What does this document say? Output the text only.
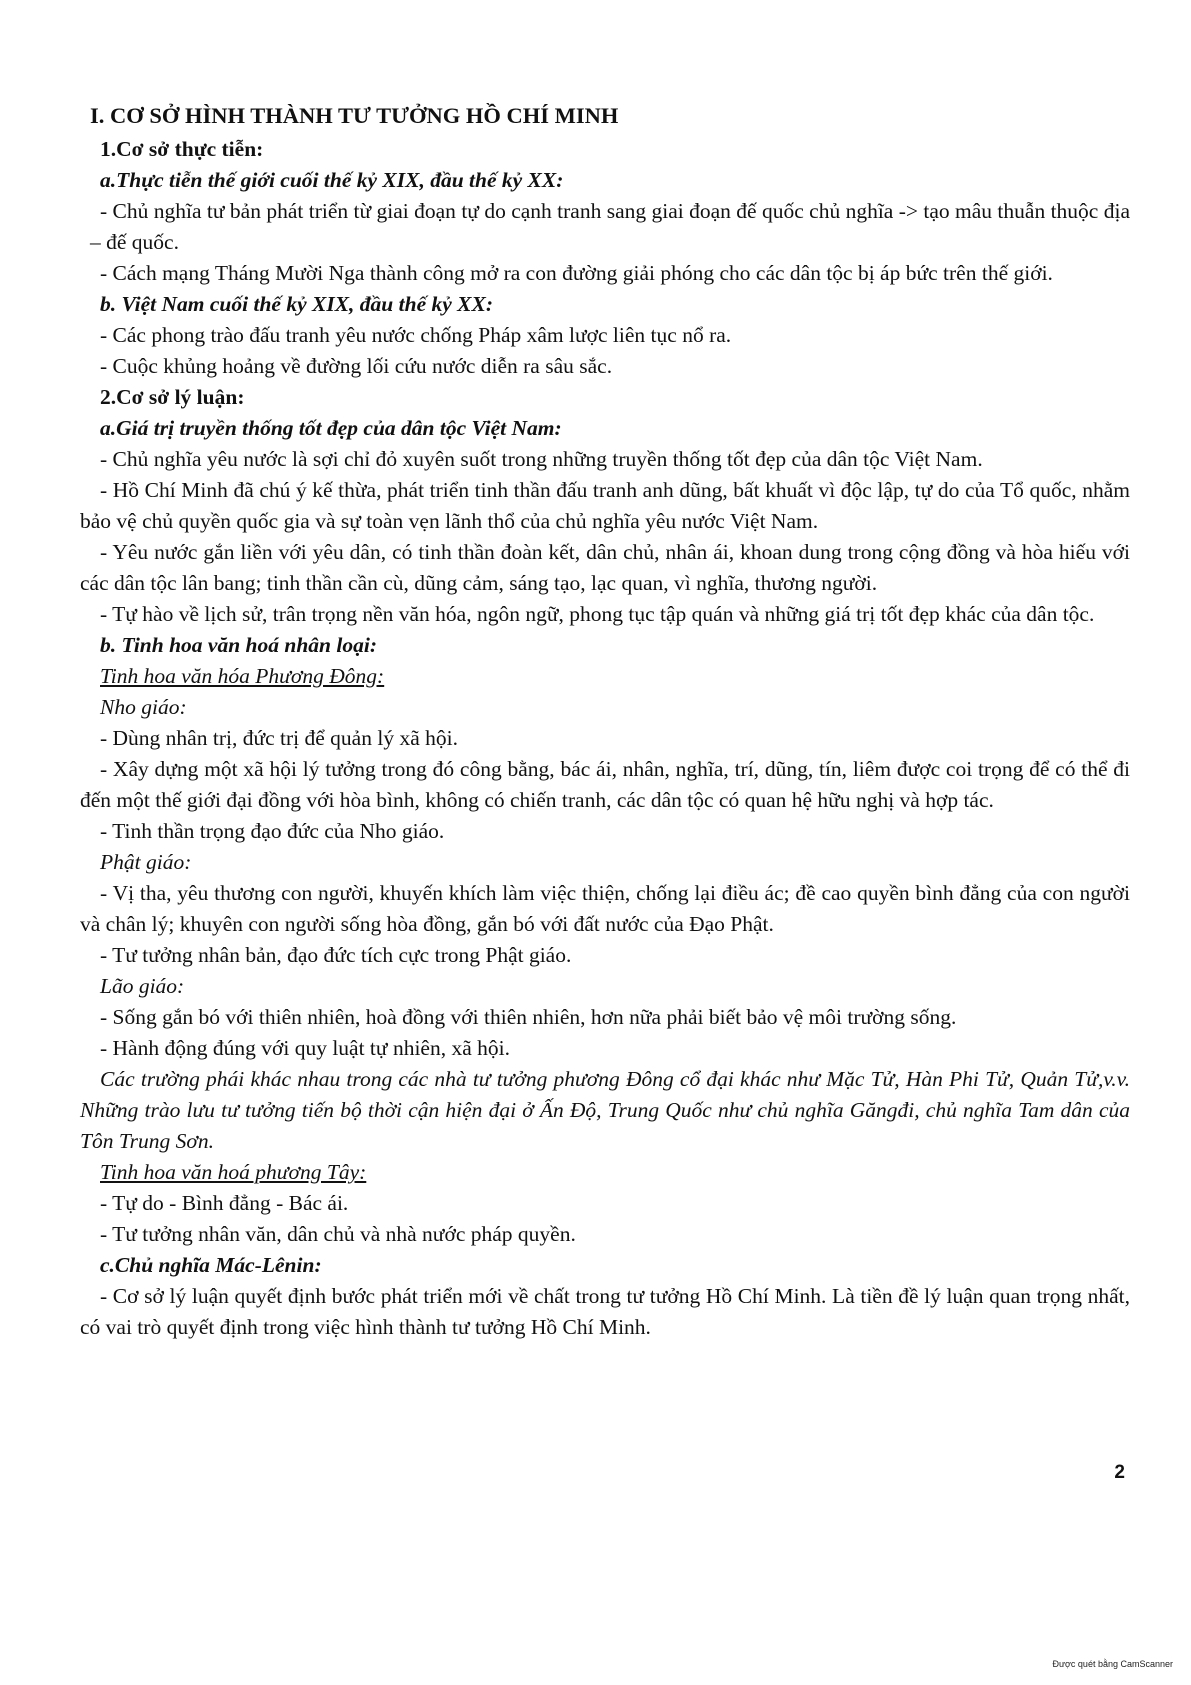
I. CƠ SỞ HÌNH THÀNH TƯ TƯỞNG HỒ CHÍ MINH

1.Cơ sở thực tiễn:

a.Thực tiễn thế giới cuối thế kỷ XIX, đầu thế kỷ XX:

- Chủ nghĩa tư bản phát triển từ giai đoạn tự do cạnh tranh sang giai đoạn đế quốc chủ nghĩa -> tạo mâu thuẫn thuộc địa – đế quốc.

- Cách mạng Tháng Mười Nga thành công mở ra con đường giải phóng cho các dân tộc bị áp bức trên thế giới.

b. Việt Nam cuối thế kỷ XIX, đầu thế kỷ XX:

- Các phong trào đấu tranh yêu nước chống Pháp xâm lược liên tục nổ ra.

- Cuộc khủng hoảng về đường lối cứu nước diễn ra sâu sắc.

2.Cơ sở lý luận:

a.Giá trị truyền thống tốt đẹp của dân tộc Việt Nam:

- Chủ nghĩa yêu nước là sợi chỉ đỏ xuyên suốt trong những truyền thống tốt đẹp của dân tộc Việt Nam.

- Hồ Chí Minh đã chú ý kế thừa, phát triển tinh thần đấu tranh anh dũng, bất khuất vì độc lập, tự do của Tổ quốc, nhằm bảo vệ chủ quyền quốc gia và sự toàn vẹn lãnh thổ của chủ nghĩa yêu nước Việt Nam.

- Yêu nước gắn liền với yêu dân, có tinh thần đoàn kết, dân chủ, nhân ái, khoan dung trong cộng đồng và hòa hiếu với các dân tộc lân bang; tinh thần cần cù, dũng cảm, sáng tạo, lạc quan, vì nghĩa, thương người.

- Tự hào về lịch sử, trân trọng nền văn hóa, ngôn ngữ, phong tục tập quán và những giá trị tốt đẹp khác của dân tộc.

b. Tinh hoa văn hoá nhân loại:

Tinh hoa văn hóa Phương Đông:

Nho giáo:

- Dùng nhân trị, đức trị để quản lý xã hội.

- Xây dựng một xã hội lý tưởng trong đó công bằng, bác ái, nhân, nghĩa, trí, dũng, tín, liêm được coi trọng để có thể đi đến một thế giới đại đồng với hòa bình, không có chiến tranh, các dân tộc có quan hệ hữu nghị và hợp tác.

- Tinh thần trọng đạo đức của Nho giáo.

Phật giáo:

- Vị tha, yêu thương con người, khuyến khích làm việc thiện, chống lại điều ác; đề cao quyền bình đẳng của con người và chân lý; khuyên con người sống hòa đồng, gắn bó với đất nước của Đạo Phật.

- Tư tưởng nhân bản, đạo đức tích cực trong Phật giáo.

Lão giáo:

- Sống gắn bó với thiên nhiên, hoà đồng với thiên nhiên, hơn nữa phải biết bảo vệ môi trường sống.

- Hành động đúng với quy luật tự nhiên, xã hội.

Các trường phái khác nhau trong các nhà tư tưởng phương Đông cổ đại khác như Mặc Tử, Hàn Phi Tử, Quản Tử,v.v. Những trào lưu tư tưởng tiến bộ thời cận hiện đại ở Ấn Độ, Trung Quốc như chủ nghĩa Găngđi, chủ nghĩa Tam dân của Tôn Trung Sơn.

Tinh hoa văn hoá phương Tây:

- Tự do - Bình đẳng - Bác ái.

- Tư tưởng nhân văn, dân chủ và nhà nước pháp quyền.

c.Chủ nghĩa Mác-Lênin:

- Cơ sở lý luận quyết định bước phát triển mới về chất trong tư tưởng Hồ Chí Minh. Là tiền đề lý luận quan trọng nhất, có vai trò quyết định trong việc hình thành tư tưởng Hồ Chí Minh.

2
Được quét bằng CamScanner
